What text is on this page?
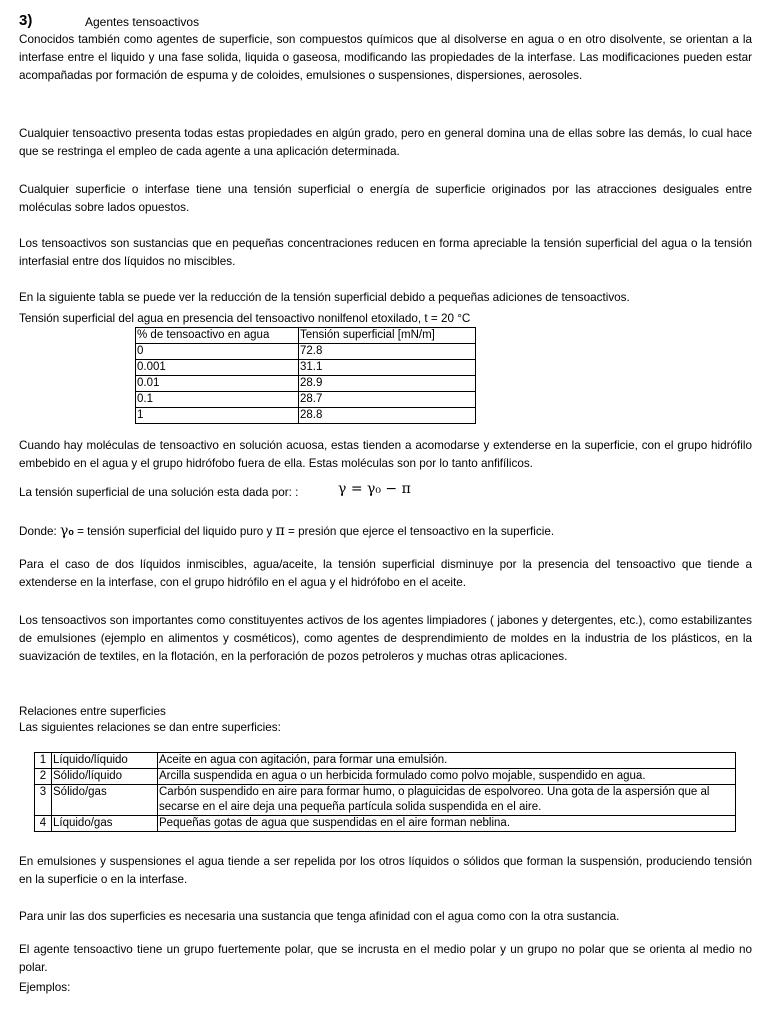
3)	Agentes tensoactivos
Conocidos también como agentes de superficie, son compuestos químicos que al disolverse en agua o en otro disolvente, se orientan a la interfase entre el liquido y una fase solida, liquida o gaseosa, modificando las propiedades de la interfase. Las modificaciones pueden estar acompañadas por formación de espuma y de coloides, emulsiones o suspensiones, dispersiones, aerosoles.
Cualquier tensoactivo presenta todas estas propiedades en algún grado, pero en general domina una de ellas sobre las demás, lo cual hace que se restringa el empleo de cada agente a una aplicación determinada.
Cualquier superficie o interfase tiene una tensión superficial o energía de superficie originados por las atracciones desiguales entre moléculas sobre lados opuestos.
Los tensoactivos son sustancias que en pequeñas concentraciones reducen en forma apreciable la tensión superficial del agua o la tensión interfasial entre dos líquidos no miscibles.
En la siguiente tabla se puede ver la reducción de la tensión superficial debido a pequeñas adiciones de tensoactivos.
Tensión superficial del agua en presencia del tensoactivo nonilfenol etoxilado, t = 20 °C
% de tensoactivo en agua	Tensión superficial [mN/m]
0	72.8
0.001	31.1
0.01	28.9
0.1	28.7
1	28.8
Cuando hay moléculas de tensoactivo en solución acuosa, estas tienden a acomodarse y extenderse en la superficie, con el grupo hidrófilo embebido en el agua y el grupo hidrófobo fuera de ella. Estas moléculas son por lo tanto anfifílicos.
La tensión superficial de una solución esta dada por: :	γ = γ₀ − π
Donde: γo = tensión superficial del liquido puro y π = presión que ejerce el tensoactivo en la superficie.
Para el caso de dos líquidos inmiscibles, agua/aceite, la tensión superficial disminuye por la presencia del tensoactivo que tiende a extenderse en la interfase, con el grupo hidrófilo en el agua y el hidrófobo en el aceite.
Los tensoactivos son importantes como constituyentes activos de los agentes limpiadores ( jabones y detergentes, etc.), como estabilizantes de emulsiones (ejemplo en alimentos y cosméticos), como agentes de desprendimiento de moldes en la industria de los plásticos, en la suavización de textiles, en la flotación, en la perforación de pozos petroleros y muchas otras aplicaciones.
Relaciones entre superficies
Las siguientes relaciones se dan entre superficies:
1	Líquido/líquido	Aceite en agua con agitación, para formar una emulsión.
2	Sólido/líquido	Arcilla suspendida en agua o un herbicida formulado como polvo mojable, suspendido en agua.
3	Sólido/gas	Carbón suspendido en aire para formar humo, o plaguicidas de espolvoreo. Una gota de la aspersión que al secarse en el aire deja una pequeña partícula solida suspendida en el aire.
4	Líquido/gas	Pequeñas gotas de agua que suspendidas en el aire forman neblina.
En emulsiones y suspensiones el agua tiende a ser repelida por los otros líquidos o sólidos que forman la suspensión, produciendo tensión en la superficie o en la interfase.
Para unir las dos superficies es necesaria una sustancia que tenga afinidad con el agua como con la otra sustancia.
El agente tensoactivo tiene un grupo fuertemente polar, que se incrusta en el medio polar y un grupo no polar que se orienta al medio no polar.
Ejemplos:
